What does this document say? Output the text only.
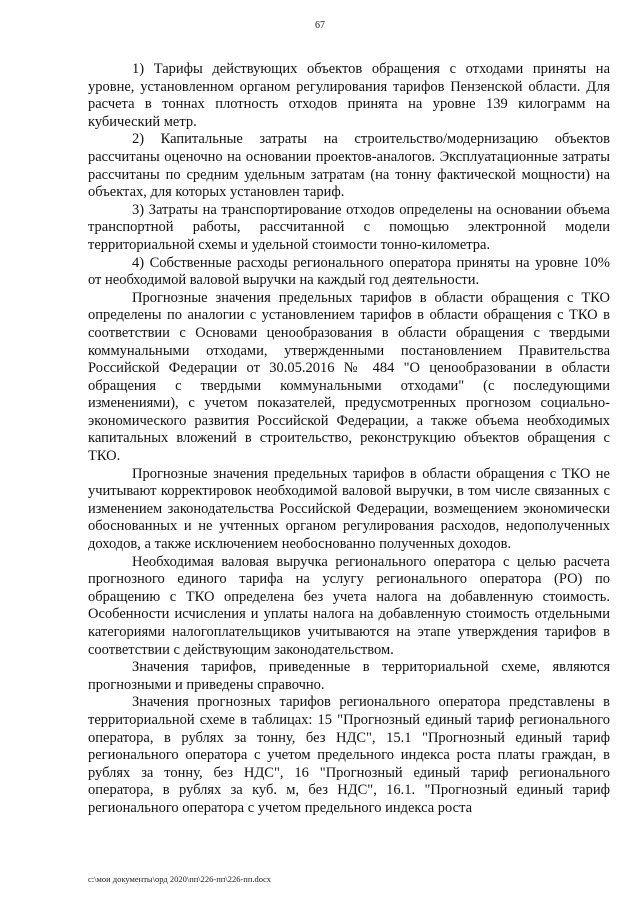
67

1) Тарифы действующих объектов обращения с отходами приняты на уровне, установленном органом регулирования тарифов Пензенской области. Для расчета в тоннах плотность отходов принята на уровне 139 килограмм на кубический метр.

2) Капитальные затраты на строительство/модернизацию объектов рассчитаны оценочно на основании проектов-аналогов. Эксплуатационные затраты рассчитаны по средним удельным затратам (на тонну фактической мощности) на объектах, для которых установлен тариф.

3) Затраты на транспортирование отходов определены на основании объема транспортной работы, рассчитанной с помощью электронной модели территориальной схемы и удельной стоимости тонно-километра.

4) Собственные расходы регионального оператора приняты на уровне 10% от необходимой валовой выручки на каждый год деятельности.

Прогнозные значения предельных тарифов в области обращения с ТКО определены по аналогии с установлением тарифов в области обращения с ТКО в соответствии с Основами ценообразования в области обращения с твердыми коммунальными отходами, утвержденными постановлением Правительства Российской Федерации от 30.05.2016 № 484 "О ценообразовании в области обращения с твердыми коммунальными отходами" (с последующими изменениями), с учетом показателей, предусмотренных прогнозом социально-экономического развития Российской Федерации, а также объема необходимых капитальных вложений в строительство, реконструкцию объектов обращения с ТКО.

Прогнозные значения предельных тарифов в области обращения с ТКО не учитывают корректировок необходимой валовой выручки, в том числе связанных с изменением законодательства Российской Федерации, возмещением экономически обоснованных и не учтенных органом регулирования расходов, недополученных доходов, а также исключением необоснованно полученных доходов.

Необходимая валовая выручка регионального оператора с целью расчета прогнозного единого тарифа на услугу регионального оператора (РО) по обращению с ТКО определена без учета налога на добавленную стоимость. Особенности исчисления и уплаты налога на добавленную стоимость отдельными категориями налогоплательщиков учитываются на этапе утверждения тарифов в соответствии с действующим законодательством.

Значения тарифов, приведенные в территориальной схеме, являются прогнозными и приведены справочно.

Значения прогнозных тарифов регионального оператора представлены в территориальной схеме в таблицах: 15 "Прогнозный единый тариф регионального оператора, в рублях за тонну, без НДС", 15.1 "Прогнозный единый тариф регионального оператора с учетом предельного индекса роста платы граждан, в рублях за тонну, без НДС", 16 "Прогнозный единый тариф регионального оператора, в рублях за куб. м, без НДС", 16.1. "Прогнозный единый тариф регионального оператора с учетом предельного индекса роста

c:\мои документы\орд 2020\пп\226-пп\226-пп.docx
